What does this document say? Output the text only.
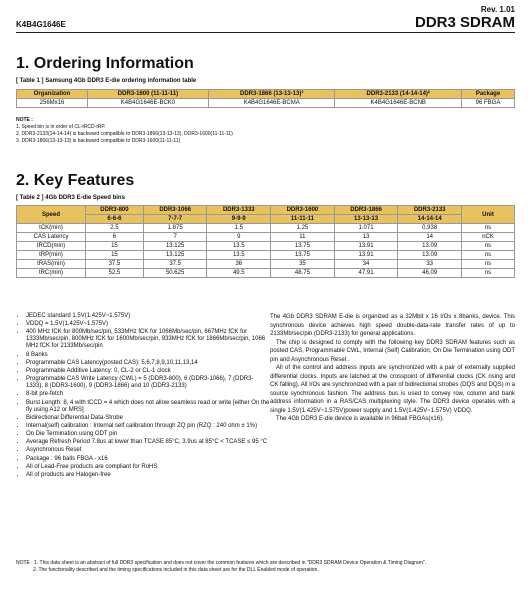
Rev. 1.01
K4B4G1646E	DDR3 SDRAM
1. Ordering Information
[ Table 1 ] Samsung 4Gb DDR3 E-die ordering information table
Organization	DDR3-1600 (11-11-11)	DDR3-1866 (13-13-13)³	DDR3-2133 (14-14-14)²	Package
256Mx16	K4B4G1646E-BCK0	K4B4G1646E-BCMA	K4B4G1646E-BCNB	96 FBGA
NOTE :
1. Speed bin is in order of CL-tRCD-tRP.
2. DDR3-2133(14-14-14) is backward compatible to DDR3-1866(13-13-13), DDR3-1600(11-11-11)
3. DDR3-1866(13-13-13) is backward compatible to DDR3-1600(11-11-11)
2. Key Features
[ Table 2 ] 4Gb DDR3 E-die Speed bins
Speed	DDR3-800	DDR3-1066	DDR3-1333	DDR3-1600	DDR3-1866	DDR3-2133	Unit
	6-6-6	7-7-7	9-9-9	11-11-11	13-13-13	14-14-14	
tCK(min)	2.5	1.875	1.5	1.25	1.071	0.938	ns
CAS Latency	6	7	9	11	13	14	nCK
tRCD(min)	15	13.125	13.5	13.75	13.91	13.09	ns
tRP(min)	15	13.125	13.5	13.75	13.91	13.09	ns
tRAS(min)	37.5	37.5	36	35	34	33	ns
tRC(min)	52.5	50.625	49.5	48.75	47.91	46.09	ns
• JEDEC standard 1.5V(1.425V~1.575V)
• VDDQ = 1.5V(1.425V~1.575V)
• 400 MHz fCK for 800Mb/sec/pin, 533MHz fCK for 1066Mb/sec/pin, 667MHz fCK for 1333Mb/sec/pin, 800MHz fCK for 1600Mb/sec/pin, 933MHz fCK for 1866Mb/sec/pin, 1066 MHz fCK for 2133Mb/sec/pin
• 8 Banks
• Programmable CAS Latency(posted CAS): 5,6,7,8,9,10,11,13,14
• Programmable Additive Latency: 0, CL-2 or CL-1 clock
• Programmable CAS Write Latency (CWL) = 5 (DDR3-800), 6 (DDR3-1066), 7 (DDR3-1333), 8 (DDR3-1600), 9 (DDR3-1866) and 10 (DDR3-2133)
• 8-bit pre-fetch
• Burst Length: 8, 4 with tCCD = 4 which does not allow seamless read or write [either On the fly using A12 or MRS]
• Bidirectional Differential Data-Strobe
• Internal(self) calibration : Internal self calibration through ZQ pin (RZQ : 240 ohm ± 1%)
• On Die Termination using ODT pin
• Average Refresh Period 7.8us at lower than TCASE 85°C, 3.9us at 85°C < TCASE ≤ 95 °C
• Asynchronous Reset
• Package : 96 balls FBGA - x16
• All of Lead-Free products are compliant for RoHS
• All of products are Halogen-free

The 4Gb DDR3 SDRAM E-die is organized as a 32Mbit x 16 I/Os x 8banks, device. This synchronous device achieves high speed double-data-rate transfer rates of up to 2133Mb/sec/pin (DDR3-2133) for general applications.

The chip is designed to comply with the following key DDR3 SDRAM features such as posted CAS, Programmable CWL, Internal (Self) Calibration, On Die Termination using ODT pin and Asynchronous Reset .

All of the control and address inputs are synchronized with a pair of externally supplied differential clocks. Inputs are latched at the crosspoint of differential clocks (CK rising and CK falling). All I/Os are synchronized with a pair of bidirectional strobes (DQS and DQS) in a source synchronous fashion. The address bus is used to convey row, column and bank address information in a RAS/CAS multiplexing style. The DDR3 device operates with a single 1.5V(1.425V~1.575V)power supply and 1.5V(1.425V~1.575V) VDDQ.

The 4Gb DDR3 E-die device is available in 96ball FBGAs(x16).

NOTE : 1. This data sheet is an abstract of full DDR3 specification and does not cover the common features which are described in "DDR3 SDRAM Device Operation & Timing Diagram".
2. The functionality described and the timing specifications included in this data sheet are for the DLL Enabled mode of operation.
